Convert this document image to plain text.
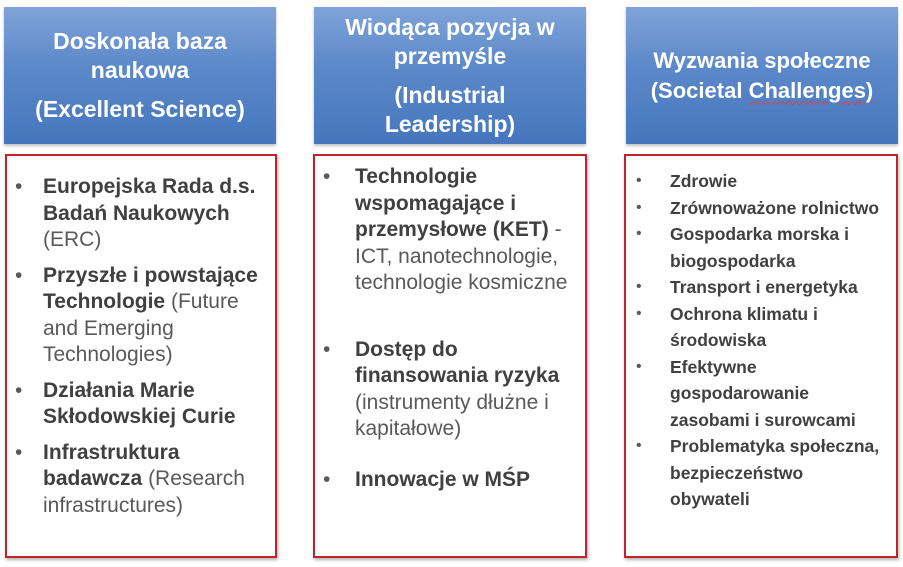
Doskonała baza
naukowa
(Excellent Science)
• Europejska Rada d.s. Badań Naukowych (ERC)
• Przyszłe i powstające Technologie (Future and Emerging Technologies)
• Działania Marie Skłodowskiej Curie
• Infrastruktura badawcza (Research infrastructures)
Wiodąca pozycja w
przemyśle
(Industrial
Leadership)
• Technologie wspomagające i przemysłowe (KET) - ICT, nanotechnologie, technologie kosmiczne
• Dostęp do finansowania ryzyka (instrumenty dłużne i kapitałowe)
• Innowacje w MŚP
Wyzwania społeczne
(Societal Challenges)
• Zdrowie
• Zrównoważone rolnictwo
• Gospodarka morska i biogospodarka
• Transport i energetyka
• Ochrona klimatu i środowiska
• Efektywne gospodarowanie zasobami i surowcami
• Problematyka społeczna, bezpieczeństwo obywateli
